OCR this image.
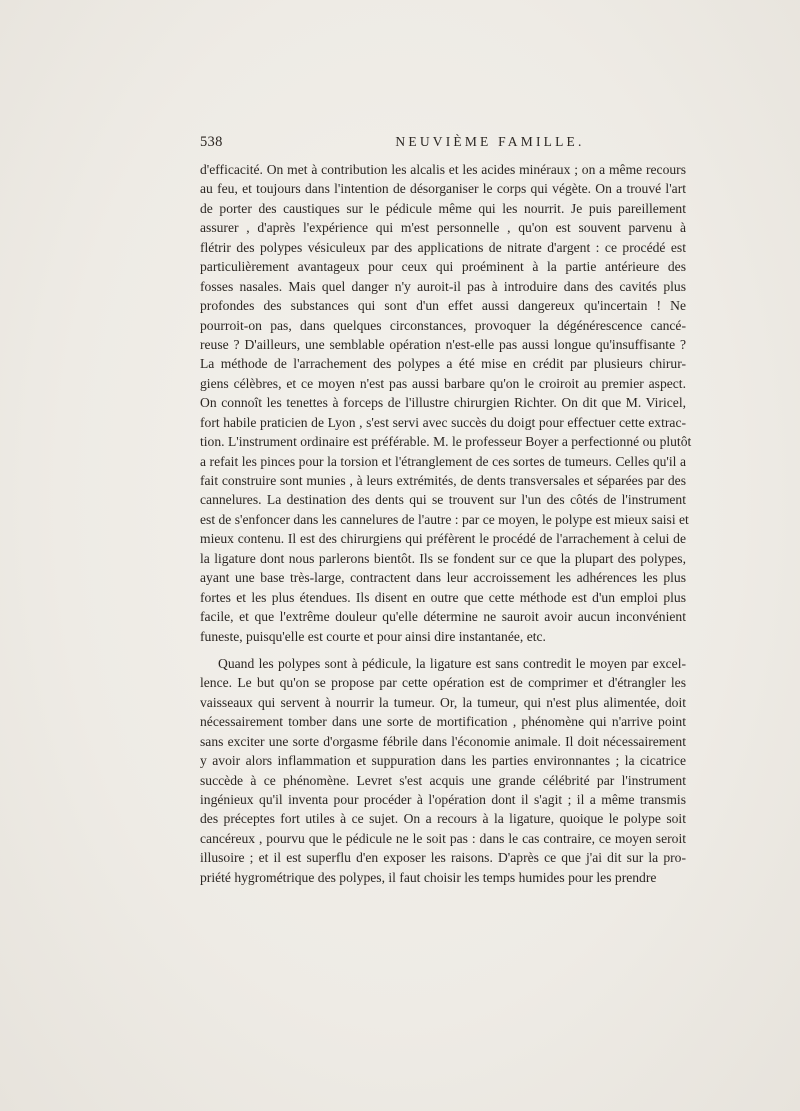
538	NEUVIÈME FAMILLE.
d'efficacité. On met à contribution les alcalis et les acides minéraux ; on a même recours
au feu, et toujours dans l'intention de désorganiser le corps qui végète. On a trouvé l'art
de porter des caustiques sur le pédicule même qui les nourrit. Je puis pareillement
assurer , d'après l'expérience qui m'est personnelle , qu'on est souvent parvenu à
flétrir des polypes vésiculeux par des applications de nitrate d'argent : ce procédé est
particulièrement avantageux pour ceux qui proéminent à la partie antérieure des
fosses nasales. Mais quel danger n'y auroit-il pas à introduire dans des cavités plus
profondes des substances qui sont d'un effet aussi dangereux qu'incertain ! Ne
pourroit-on pas, dans quelques circonstances, provoquer la dégénérescence cancé-
reuse ? D'ailleurs, une semblable opération n'est-elle pas aussi longue qu'insuffisante ?
La méthode de l'arrachement des polypes a été mise en crédit par plusieurs chirur-
giens célèbres, et ce moyen n'est pas aussi barbare qu'on le croiroit au premier aspect.
On connoît les tenettes à forceps de l'illustre chirurgien Richter. On dit que M. Viricel,
fort habile praticien de Lyon , s'est servi avec succès du doigt pour effectuer cette extrac-
tion. L'instrument ordinaire est préférable. M. le professeur Boyer a perfectionné ou plutôt
a refait les pinces pour la torsion et l'étranglement de ces sortes de tumeurs. Celles qu'il a
fait construire sont munies , à leurs extrémités, de dents transversales et séparées par des
cannelures. La destination des dents qui se trouvent sur l'un des côtés de l'instrument
est de s'enfoncer dans les cannelures de l'autre : par ce moyen, le polype est mieux saisi et
mieux contenu. Il est des chirurgiens qui préfèrent le procédé de l'arrachement à celui de
la ligature dont nous parlerons bientôt. Ils se fondent sur ce que la plupart des polypes,
ayant une base très-large, contractent dans leur accroissement les adhérences les plus
fortes et les plus étendues. Ils disent en outre que cette méthode est d'un emploi plus
facile, et que l'extrême douleur qu'elle détermine ne sauroit avoir aucun inconvénient
funeste, puisqu'elle est courte et pour ainsi dire instantanée, etc.
Quand les polypes sont à pédicule, la ligature est sans contredit le moyen par excel-
lence. Le but qu'on se propose par cette opération est de comprimer et d'étrangler les
vaisseaux qui servent à nourrir la tumeur. Or, la tumeur, qui n'est plus alimentée, doit
nécessairement tomber dans une sorte de mortification , phénomène qui n'arrive point
sans exciter une sorte d'orgasme fébrile dans l'économie animale. Il doit nécessairement
y avoir alors inflammation et suppuration dans les parties environnantes ; la cicatrice
succède à ce phénomène. Levret s'est acquis une grande célébrité par l'instrument
ingénieux qu'il inventa pour procéder à l'opération dont il s'agit ; il a même transmis
des préceptes fort utiles à ce sujet. On a recours à la ligature, quoique le polype soit
cancéreux , pourvu que le pédicule ne le soit pas : dans le cas contraire, ce moyen seroit
illusoire ; et il est superflu d'en exposer les raisons. D'après ce que j'ai dit sur la pro-
priété hygrométrique des polypes, il faut choisir les temps humides pour les prendre
